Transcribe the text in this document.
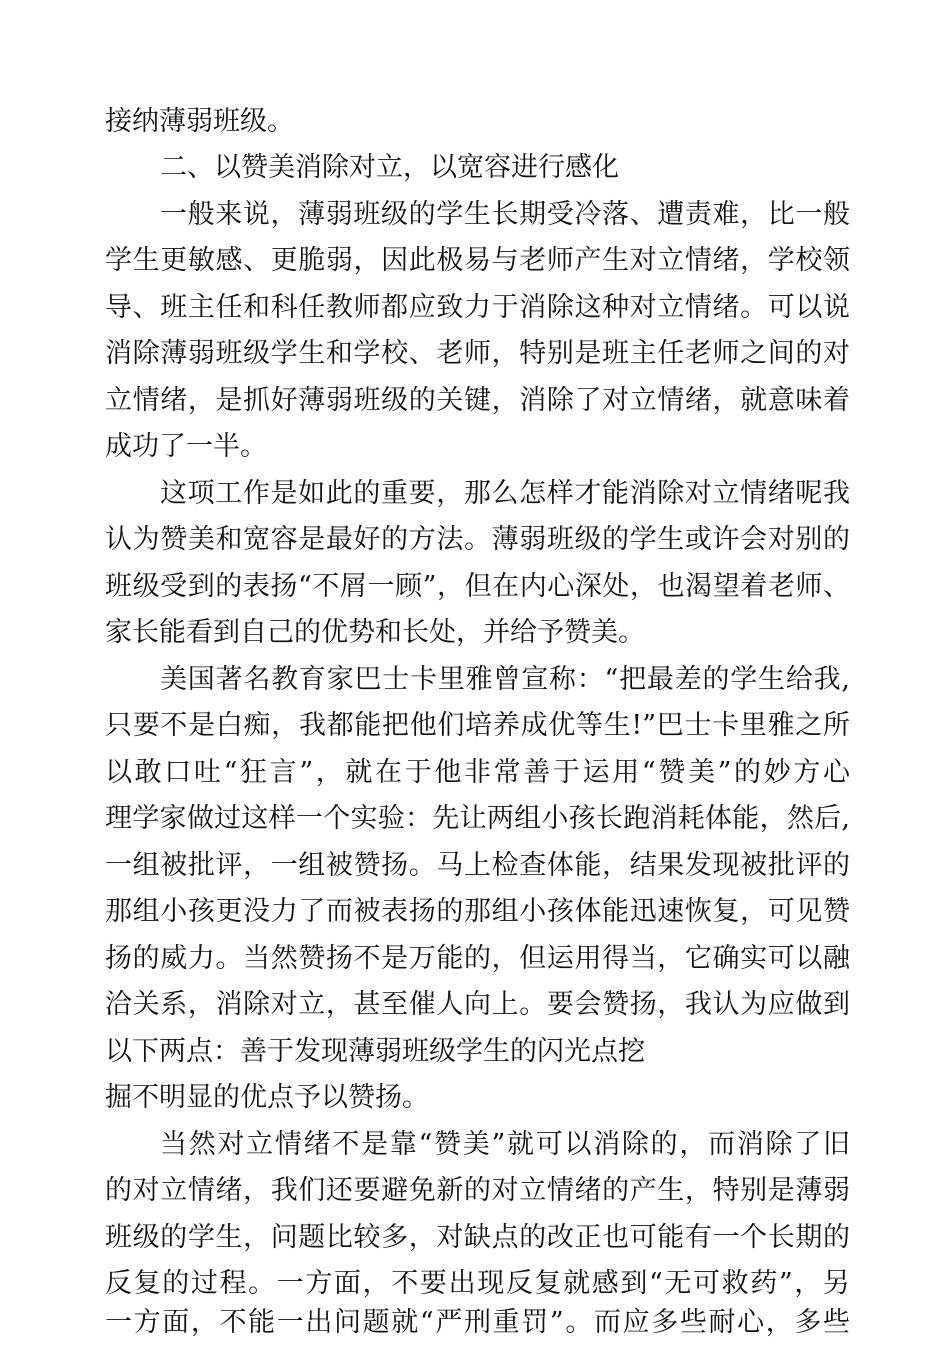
接纳薄弱班级。
二、以赞美消除对立，以宽容进行感化
一般来说，薄弱班级的学生长期受冷落、遭责难，比一般
学生更敏感、更脆弱，因此极易与老师产生对立情绪，学校领
导、班主任和科任教师都应致力于消除这种对立情绪。可以说
消除薄弱班级学生和学校、老师，特别是班主任老师之间的对
立情绪，是抓好薄弱班级的关键，消除了对立情绪，就意味着
成功了一半。
这项工作是如此的重要，那么怎样才能消除对立情绪呢我
认为赞美和宽容是最好的方法。薄弱班级的学生或许会对别的
班级受到的表扬“不屑一顾”，但在内心深处，也渴望着老师、
家长能看到自己的优势和长处，并给予赞美。
美国著名教育家巴士卡里雅曾宣称：“把最差的学生给我,
只要不是白痴，我都能把他们培养成优等生!”巴士卡里雅之所
以敢口吐“狂言”，就在于他非常善于运用“赞美”的妙方心
理学家做过这样一个实验：先让两组小孩长跑消耗体能，然后,
一组被批评，一组被赞扬。马上检查体能，结果发现被批评的
那组小孩更没力了而被表扬的那组小孩体能迅速恢复，可见赞
扬的威力。当然赞扬不是万能的，但运用得当，它确实可以融
洽关系，消除对立，甚至催人向上。要会赞扬，我认为应做到
以下两点：善于发现薄弱班级学生的闪光点挖
掘不明显的优点予以赞扬。
当然对立情绪不是靠“赞美”就可以消除的，而消除了旧
的对立情绪，我们还要避免新的对立情绪的产生，特别是薄弱
班级的学生，问题比较多，对缺点的改正也可能有一个长期的
反复的过程。一方面，不要出现反复就感到“无可救药”，另
一方面，不能一出问题就“严刑重罚”。而应多些耐心，多些
